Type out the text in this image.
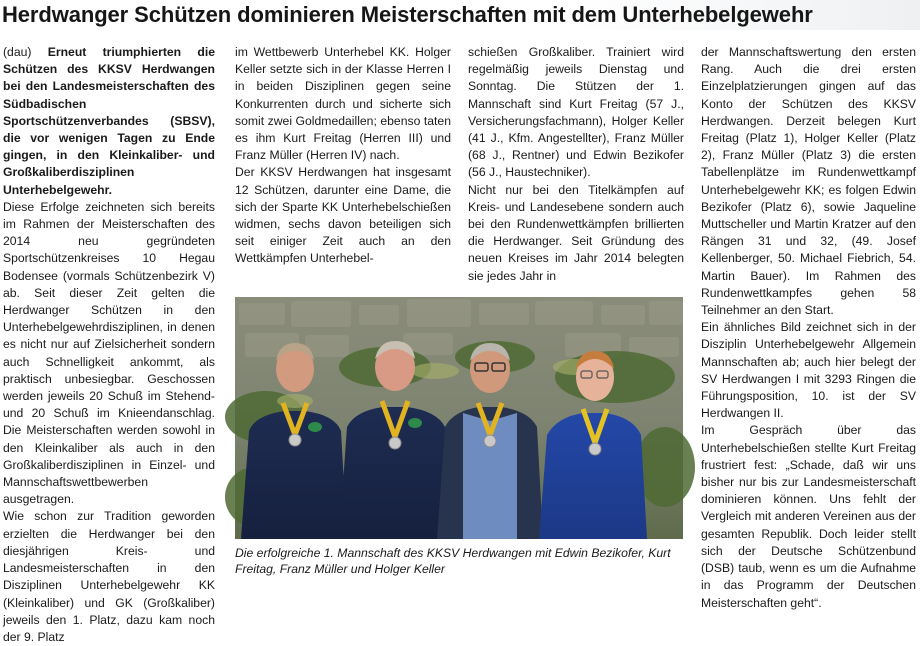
Herdwanger Schützen dominieren Meisterschaften mit dem Unterhebelgewehr

(dau) Erneut triumphierten die Schützen des KKSV Herdwangen bei den Landesmeisterschaften des Südbadischen Sportschützenverbandes (SBSV), die vor wenigen Tagen zu Ende gingen, in den Kleinkaliber- und Großkaliberdisziplinen Unterhebelgewehr.

Diese Erfolge zeichneten sich bereits im Rahmen der Meisterschaften des 2014 neu gegründeten Sportschützenkreises 10 Hegau Bodensee (vormals Schützenbezirk V) ab. Seit dieser Zeit gelten die Herdwanger Schützen in den Unterhebelgewehrdisziplinen, in denen es nicht nur auf Zielsicherheit sondern auch Schnelligkeit ankommt, als praktisch unbesiegbar. Geschossen werden jeweils 20 Schuß im Stehend- und 20 Schuß im Knieendanschlag. Die Meisterschaften werden sowohl in den Kleinkaliber als auch in den Großkaliberdisziplinen in Einzel- und Mannschaftswettbewerben ausgetragen.

Wie schon zur Tradition geworden erzielten die Herdwanger bei den diesjährigen Kreis- und Landesmeisterschaften in den Disziplinen Unterhebelgewehr KK (Kleinkaliber) und GK (Großkaliber) jeweils den 1. Platz, dazu kam noch der 9. Platz

im Wettbewerb Unterhebel KK. Holger Keller setzte sich in der Klasse Herren I in beiden Disziplinen gegen seine Konkurrenten durch und sicherte sich somit zwei Goldmedaillen; ebenso taten es ihm Kurt Freitag (Herren III) und Franz Müller (Herren IV) nach.

Der KKSV Herdwangen hat insgesamt 12 Schützen, darunter eine Dame, die sich der Sparte KK Unterhebelschießen widmen, sechs davon beteiligen sich seit einiger Zeit auch an den Wettkämpfen Unterhebel-

schießen Großkaliber. Trainiert wird regelmäßig jeweils Dienstag und Sonntag. Die Stützen der 1. Mannschaft sind Kurt Freitag (57 J., Versicherungsfachmann), Holger Keller (41 J., Kfm. Angestellter), Franz Müller (68 J., Rentner) und Edwin Bezikofer (56 J., Haustechniker).

Nicht nur bei den Titelkämpfen auf Kreis- und Landesebene sondern auch bei den Rundenwettkämpfen brillierten die Herdwanger. Seit Gründung des neuen Kreises im Jahr 2014 belegten sie jedes Jahr in

der Mannschaftswertung den ersten Rang. Auch die drei ersten Einzelplatzierungen gingen auf das Konto der Schützen des KKSV Herdwangen. Derzeit belegen Kurt Freitag (Platz 1), Holger Keller (Platz 2), Franz Müller (Platz 3) die ersten Tabellenplätze im Rundenwettkampf Unterhebelgewehr KK; es folgen Edwin Bezikofer (Platz 6), sowie Jaqueline Muttscheller und Martin Kratzer auf den Rängen 31 und 32, (49. Josef Kellenberger, 50. Michael Fiebrich, 54. Martin Bauer). Im Rahmen des Rundenwettkampfes gehen 58 Teilnehmer an den Start.

Ein ähnliches Bild zeichnet sich in der Disziplin Unterhebelgewehr Allgemein Mannschaften ab; auch hier belegt der SV Herdwangen I mit 3293 Ringen die Führungsposition, 10. ist der SV Herdwangen II.

Im Gespräch über das Unterhebelschießen stellte Kurt Freitag frustriert fest: „Schade, daß wir uns bisher nur bis zur Landesmeisterschaft dominieren können. Uns fehlt der Vergleich mit anderen Vereinen aus der gesamten Republik. Doch leider stellt sich der Deutsche Schützenbund (DSB) taub, wenn es um die Aufnahme in das Programm der Deutschen Meisterschaften geht“.

Die erfolgreiche 1. Mannschaft des KKSV Herdwangen mit Edwin Bezikofer, Kurt Freitag, Franz Müller und Holger Keller
